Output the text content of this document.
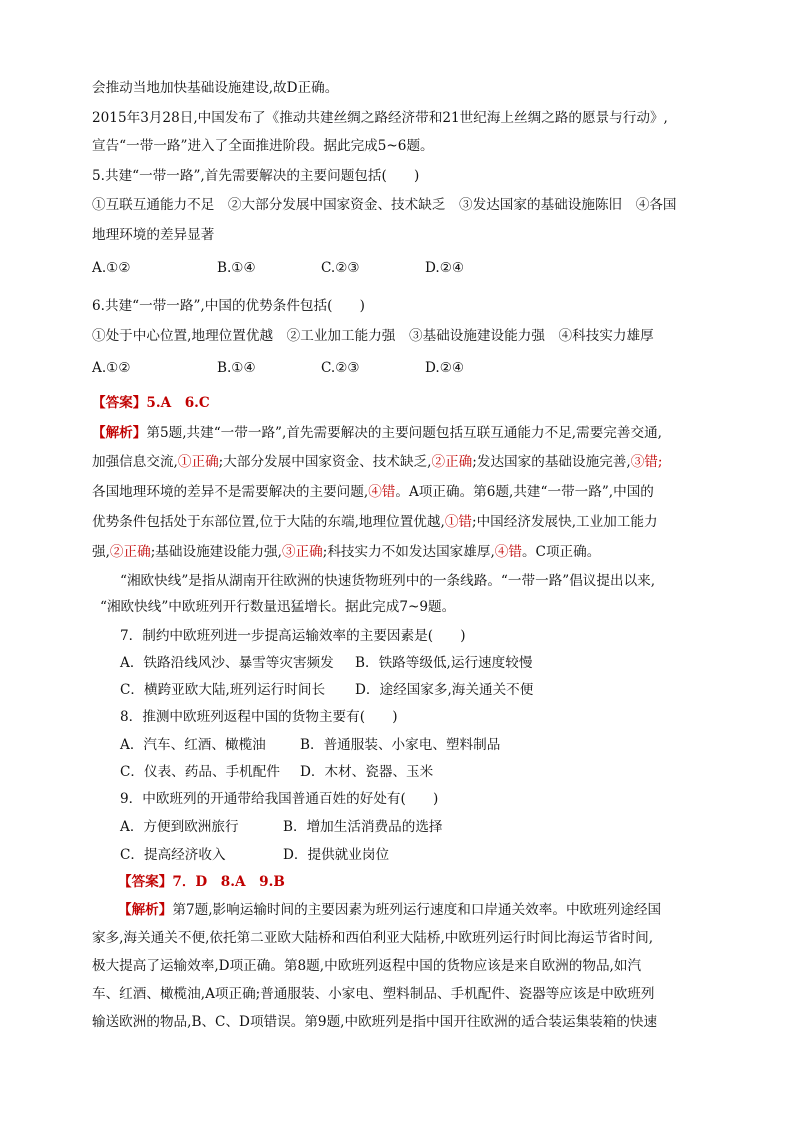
会推动当地加快基础设施建设,故D正确。
2015年3月28日,中国发布了《推动共建丝绸之路经济带和21世纪海上丝绸之路的愿景与行动》,
宣告“一带一路”进入了全面推进阶段。据此完成5~6题。
5.共建“一带一路”,首先需要解决的主要问题包括(　　)
①互联互通能力不足　②大部分发展中国家资金、技术缺乏　③发达国家的基础设施陈旧　④各国
地理环境的差异显著
A.①②	B.①④	C.②③	D.②④
6.共建“一带一路”,中国的优势条件包括(　　)
①处于中心位置,地理位置优越　②工业加工能力强　③基础设施建设能力强　④科技实力雄厚
A.①②	B.①④	C.②③	D.②④
【答案】5.A　6.C
【解析】第5题,共建“一带一路”,首先需要解决的主要问题包括互联互通能力不足,需要完善交通,
加强信息交流,①正确;大部分发展中国家资金、技术缺乏,②正确;发达国家的基础设施完善,③错;
各国地理环境的差异不是需要解决的主要问题,④错。A项正确。第6题,共建“一带一路”,中国的
优势条件包括处于东部位置,位于大陆的东端,地理位置优越,①错;中国经济发展快,工业加工能力
强,②正确;基础设施建设能力强,③正确;科技实力不如发达国家雄厚,④错。C项正确。
“湘欧快线”是指从湖南开往欧洲的快速货物班列中的一条线路。“一带一路”倡议提出以来,
“湘欧快线”中欧班列开行数量迅猛增长。据此完成7~9题。
7．制约中欧班列进一步提高运输效率的主要因素是(　　)
A．铁路沿线风沙、暴雪等灾害频发 B．铁路等级低,运行速度较慢
C．横跨亚欧大陆,班列运行时间长 D．途经国家多,海关通关不便
8．推测中欧班列返程中国的货物主要有(　　)
A．汽车、红酒、橄榄油	B．普通服装、小家电、塑料制品
C．仪表、药品、手机配件 D．木材、瓷器、玉米
9．中欧班列的开通带给我国普通百姓的好处有(　　)
A．方便到欧洲旅行	B．增加生活消费品的选择
C．提高经济收入	D．提供就业岗位
【答案】7．D　8.A　9.B
【解析】第7题,影响运输时间的主要因素为班列运行速度和口岸通关效率。中欧班列途经国
家多,海关通关不便,依托第二亚欧大陆桥和西伯利亚大陆桥,中欧班列运行时间比海运节省时间,
极大提高了运输效率,D项正确。第8题,中欧班列返程中国的货物应该是来自欧洲的物品,如汽
车、红酒、橄榄油,A项正确;普通服装、小家电、塑料制品、手机配件、瓷器等应该是中欧班列
输送欧洲的物品,B、C、D项错误。第9题,中欧班列是指中国开往欧洲的适合装运集装箱的快速
